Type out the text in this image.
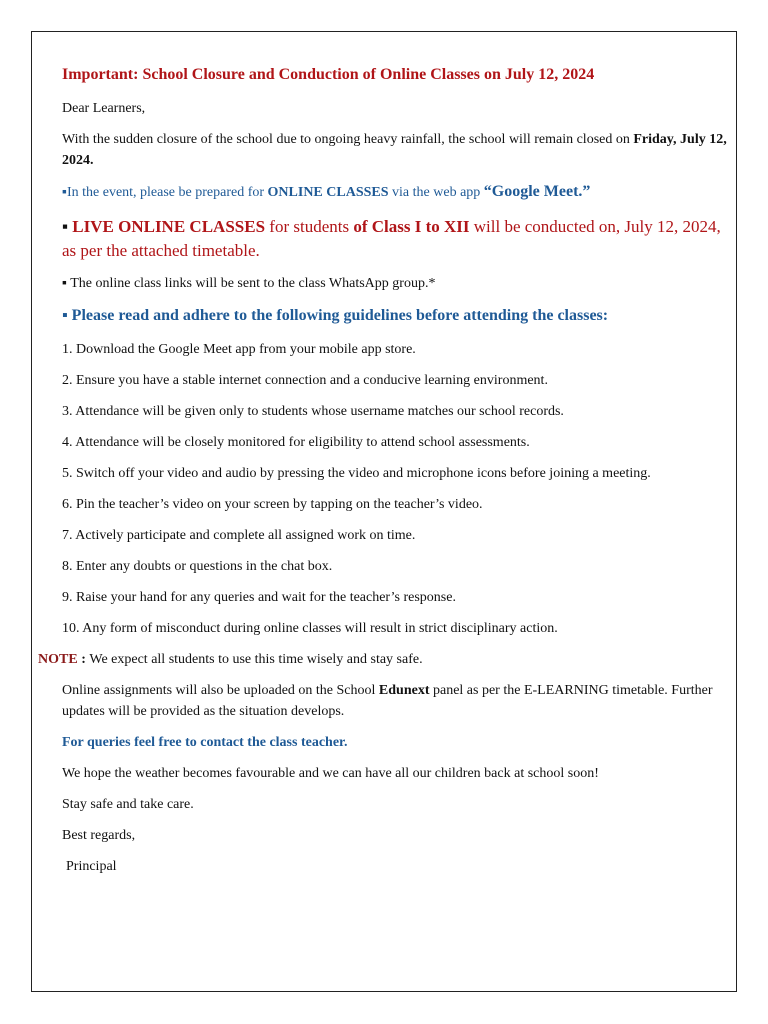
Important: School Closure and Conduction of Online Classes on July 12, 2024

Dear Learners,

With the sudden closure of the school due to ongoing heavy rainfall, the school will remain closed on Friday, July 12, 2024.

▪In the event, please be prepared for ONLINE CLASSES via the web app “Google Meet.”

▪ LIVE ONLINE CLASSES for students of Class I to XII will be conducted on, July 12, 2024, as per the attached timetable.

▪ The online class links will be sent to the class WhatsApp group.*

▪ Please read and adhere to the following guidelines before attending the classes:

1. Download the Google Meet app from your mobile app store.

2. Ensure you have a stable internet connection and a conducive learning environment.

3. Attendance will be given only to students whose username matches our school records.

4. Attendance will be closely monitored for eligibility to attend school assessments.

5. Switch off your video and audio by pressing the video and microphone icons before joining a meeting.

6. Pin the teacher’s video on your screen by tapping on the teacher’s video.

7. Actively participate and complete all assigned work on time.

8. Enter any doubts or questions in the chat box.

9. Raise your hand for any queries and wait for the teacher’s response.

10. Any form of misconduct during online classes will result in strict disciplinary action.

NOTE : We expect all students to use this time wisely and stay safe.

Online assignments will also be uploaded on the School Edunext panel as per the E-LEARNING timetable. Further updates will be provided as the situation develops.

For queries feel free to contact the class teacher.

We hope the weather becomes favourable and we can have all our children back at school soon!

Stay safe and take care.

Best regards,

Principal
